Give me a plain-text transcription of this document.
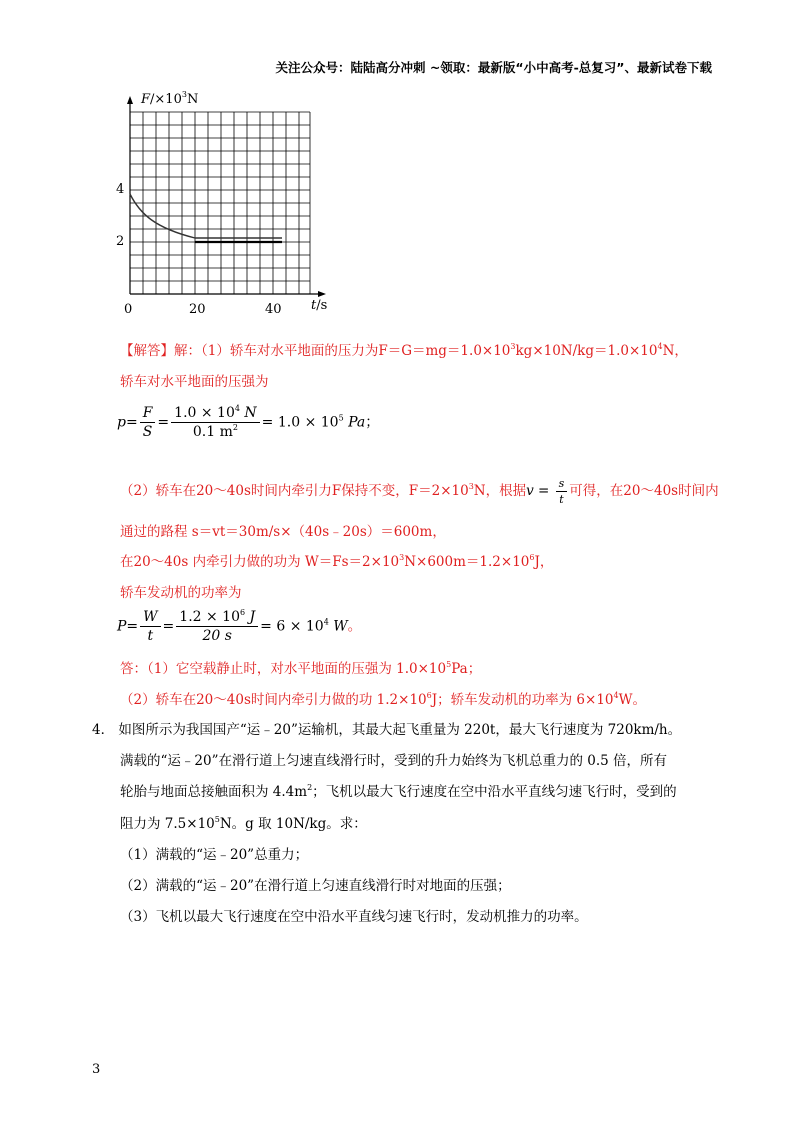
关注公众号：陆陆高分冲刺 ~领取：最新版“小中高考-总复习”、最新试卷下载
$F/\times 10^3N$
4
2
0	20	40 t/s
【解答】解：（1）轿车对水平地面的压力为$F=G=mg=1.0\times 10^3kg\times 10N/kg=1.0\times 10^4N$，
轿车对水平地面的压强为
$p= \frac{F}{S} = \frac{1.0 \times 10^4 N}{0.1 m^2} = 1.0 \times 10^5$ Pa；
（2）轿车在20～40s时间内牵引力F保持不变，$F=2\times 10^3N$，根据$v = \frac{s}{t}$ 可得，在20～40s时间内
通过的路程 s＝vt＝30m/s×（40s﹣20s）＝600m，
在20～40s 内牵引力做的功为 $W=Fs=2\times 10^3N\times 600m=1.2\times 10^6J$，
轿车发动机的功率为
$P= \frac{W}{t} = \frac{1.2 \times 10^6 J}{20 s} = 6 \times 10^4$ W。
答：（1）它空载静止时，对水平地面的压强为 $1.0\times 10^5Pa$；
（2）轿车在20～40s时间内牵引力做的功 $1.2\times 10^6J$；轿车发动机的功率为 $6\times 10^4W$。
4． 如图所示为我国国产“运﹣20”运输机，其最大起飞重量为 220t，最大飞行速度为 720km/h。
满载的“运﹣20”在滑行道上匀速直线滑行时，受到的升力始终为飞机总重力的 0.5 倍，所有
轮胎与地面总接触面积为 $4.4m^2$；飞机以最大飞行速度在空中沿水平直线匀速飞行时，受到的
阻力为 $7.5\times 10^5N$。g 取 10N/kg。求：
（1）满载的“运﹣20”总重力；
（2）满载的“运﹣20”在滑行道上匀速直线滑行时对地面的压强；
（3）飞机以最大飞行速度在空中沿水平直线匀速飞行时，发动机推力的功率。
3
